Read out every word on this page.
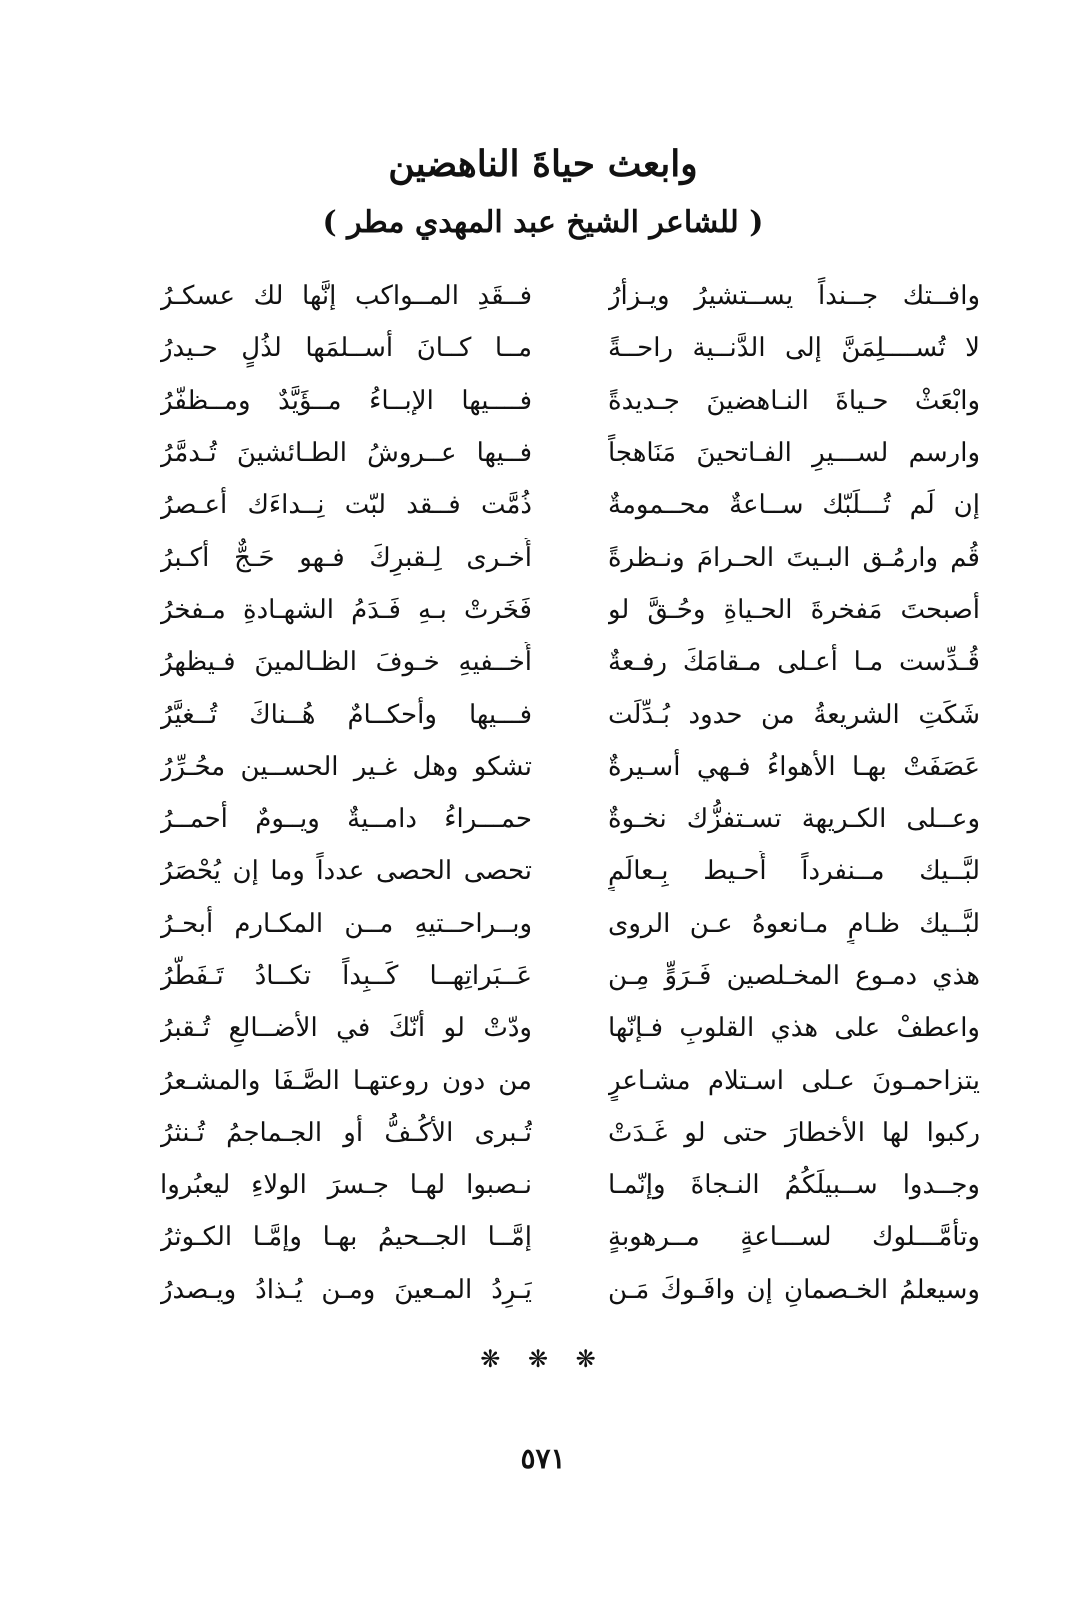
وابعث حياةَ الناهضين
( للشاعر الشيخ عبد المهدي مطر )
وافــتك جــنداً يســتشيرُ ويـزأرُ
فــقَدِ المــواكب إنَّها لك عسكـرُ
لا تُســــلِمَنَّ إلى الدَّنــية راحــةً
مــا كــانَ أســلمَها لذُلٍ حـيدرُ
وابْعَثْ حـياةَ النـاهضينَ جـديدةً
فــــيها الإبــاءُ مــؤَيَّدٌ ومــظفّرُ
وارسم لســـيرِ الفـاتحينَ مَنَاهجاً
فــيها عــروشُ الطـائشينَ تُـدمَّرُ
إن لَم تُـــلَبّك ســاعةٌ محــمومةٌ
ذُمَّت فــقد لبّت نِــداءَك أعـصرُ
قُم وارمُـق البـيتَ الحـرامَ ونـظرةً
أُخـرى لِـقبرِكَ فـهو حَـجٌّ أكـبرُ
أصبحتَ مَفخرةَ الحـياةِ وحُـقَّ لو
فَخَرتْ بـهِ فَـدَمُ الشهـادةِ مـفخرُ
قُـدِّست مـا أعـلى مـقامَكَ رفـعةٌ
أُخــفيهِ خـوفَ الظـالمينَ فـيظهرُ
شَكَتِ الشريعةُ من حدود بُـدِّلَت
فـــيها وأحكــامٌ هُــناكَ تُــغيَّرُ
عَصَفَتْ بهـا الأهواءُ فـهي أسـيرةٌ
تشكو وهل غـير الحســين محُـرِّرُ
وعــلى الكـريهة تسـتفزُّك نخـوةٌ
حمـــراءُ دامــيةٌ ويــومٌ أحمــرُ
لبَّــيك مــنفرداً أُحـيط بِـعالَمٍ
تحصى الحصى عدداً وما إن يُحْصَرُ
لبَّــيك ظـامٍ مـانعوهُ عـن الروى
وبــراحــتيهِ مــن المكـارم أبحـرُ
هذي دمـوع المخـلصين فَـرَوٍّ مِـن
عَــبَراتِهــا كَــبِداً تكــادُ تَـفَطَّرُ
واعطفْ على هذي القلوبِ فـإنّها
ودّتْ لو أنّكَ في الأضــالعِ تُـقبرُ
يتزاحمـونَ عـلى اسـتلام مشـاعرٍ
من دون روعتهـا الصَّـفَا والمشـعرُ
ركبوا لها الأخطارَ حتى لو غَـدَتْ
تُـبرى الأكُـفُّ أو الجـماجمُ تُـنثرُ
وجــدوا ســبيلَكُمُ النـجاةَ وإنّمـا
نـصبوا لهـا جـسرَ الولاءِ ليعبُروا
وتأمَّـــلوك لســـاعةٍ مــرهوبةٍ
إمَّــا الجــحيمُ بهـا وإمَّـا الكـوثرُ
وسيعلمُ الخـصمانِ إن وافَـوكَ مَـن
يَـرِدُ المـعينَ ومـن يُـذادُ ويـصدرُ
❋ ❋ ❋
٥٧١
